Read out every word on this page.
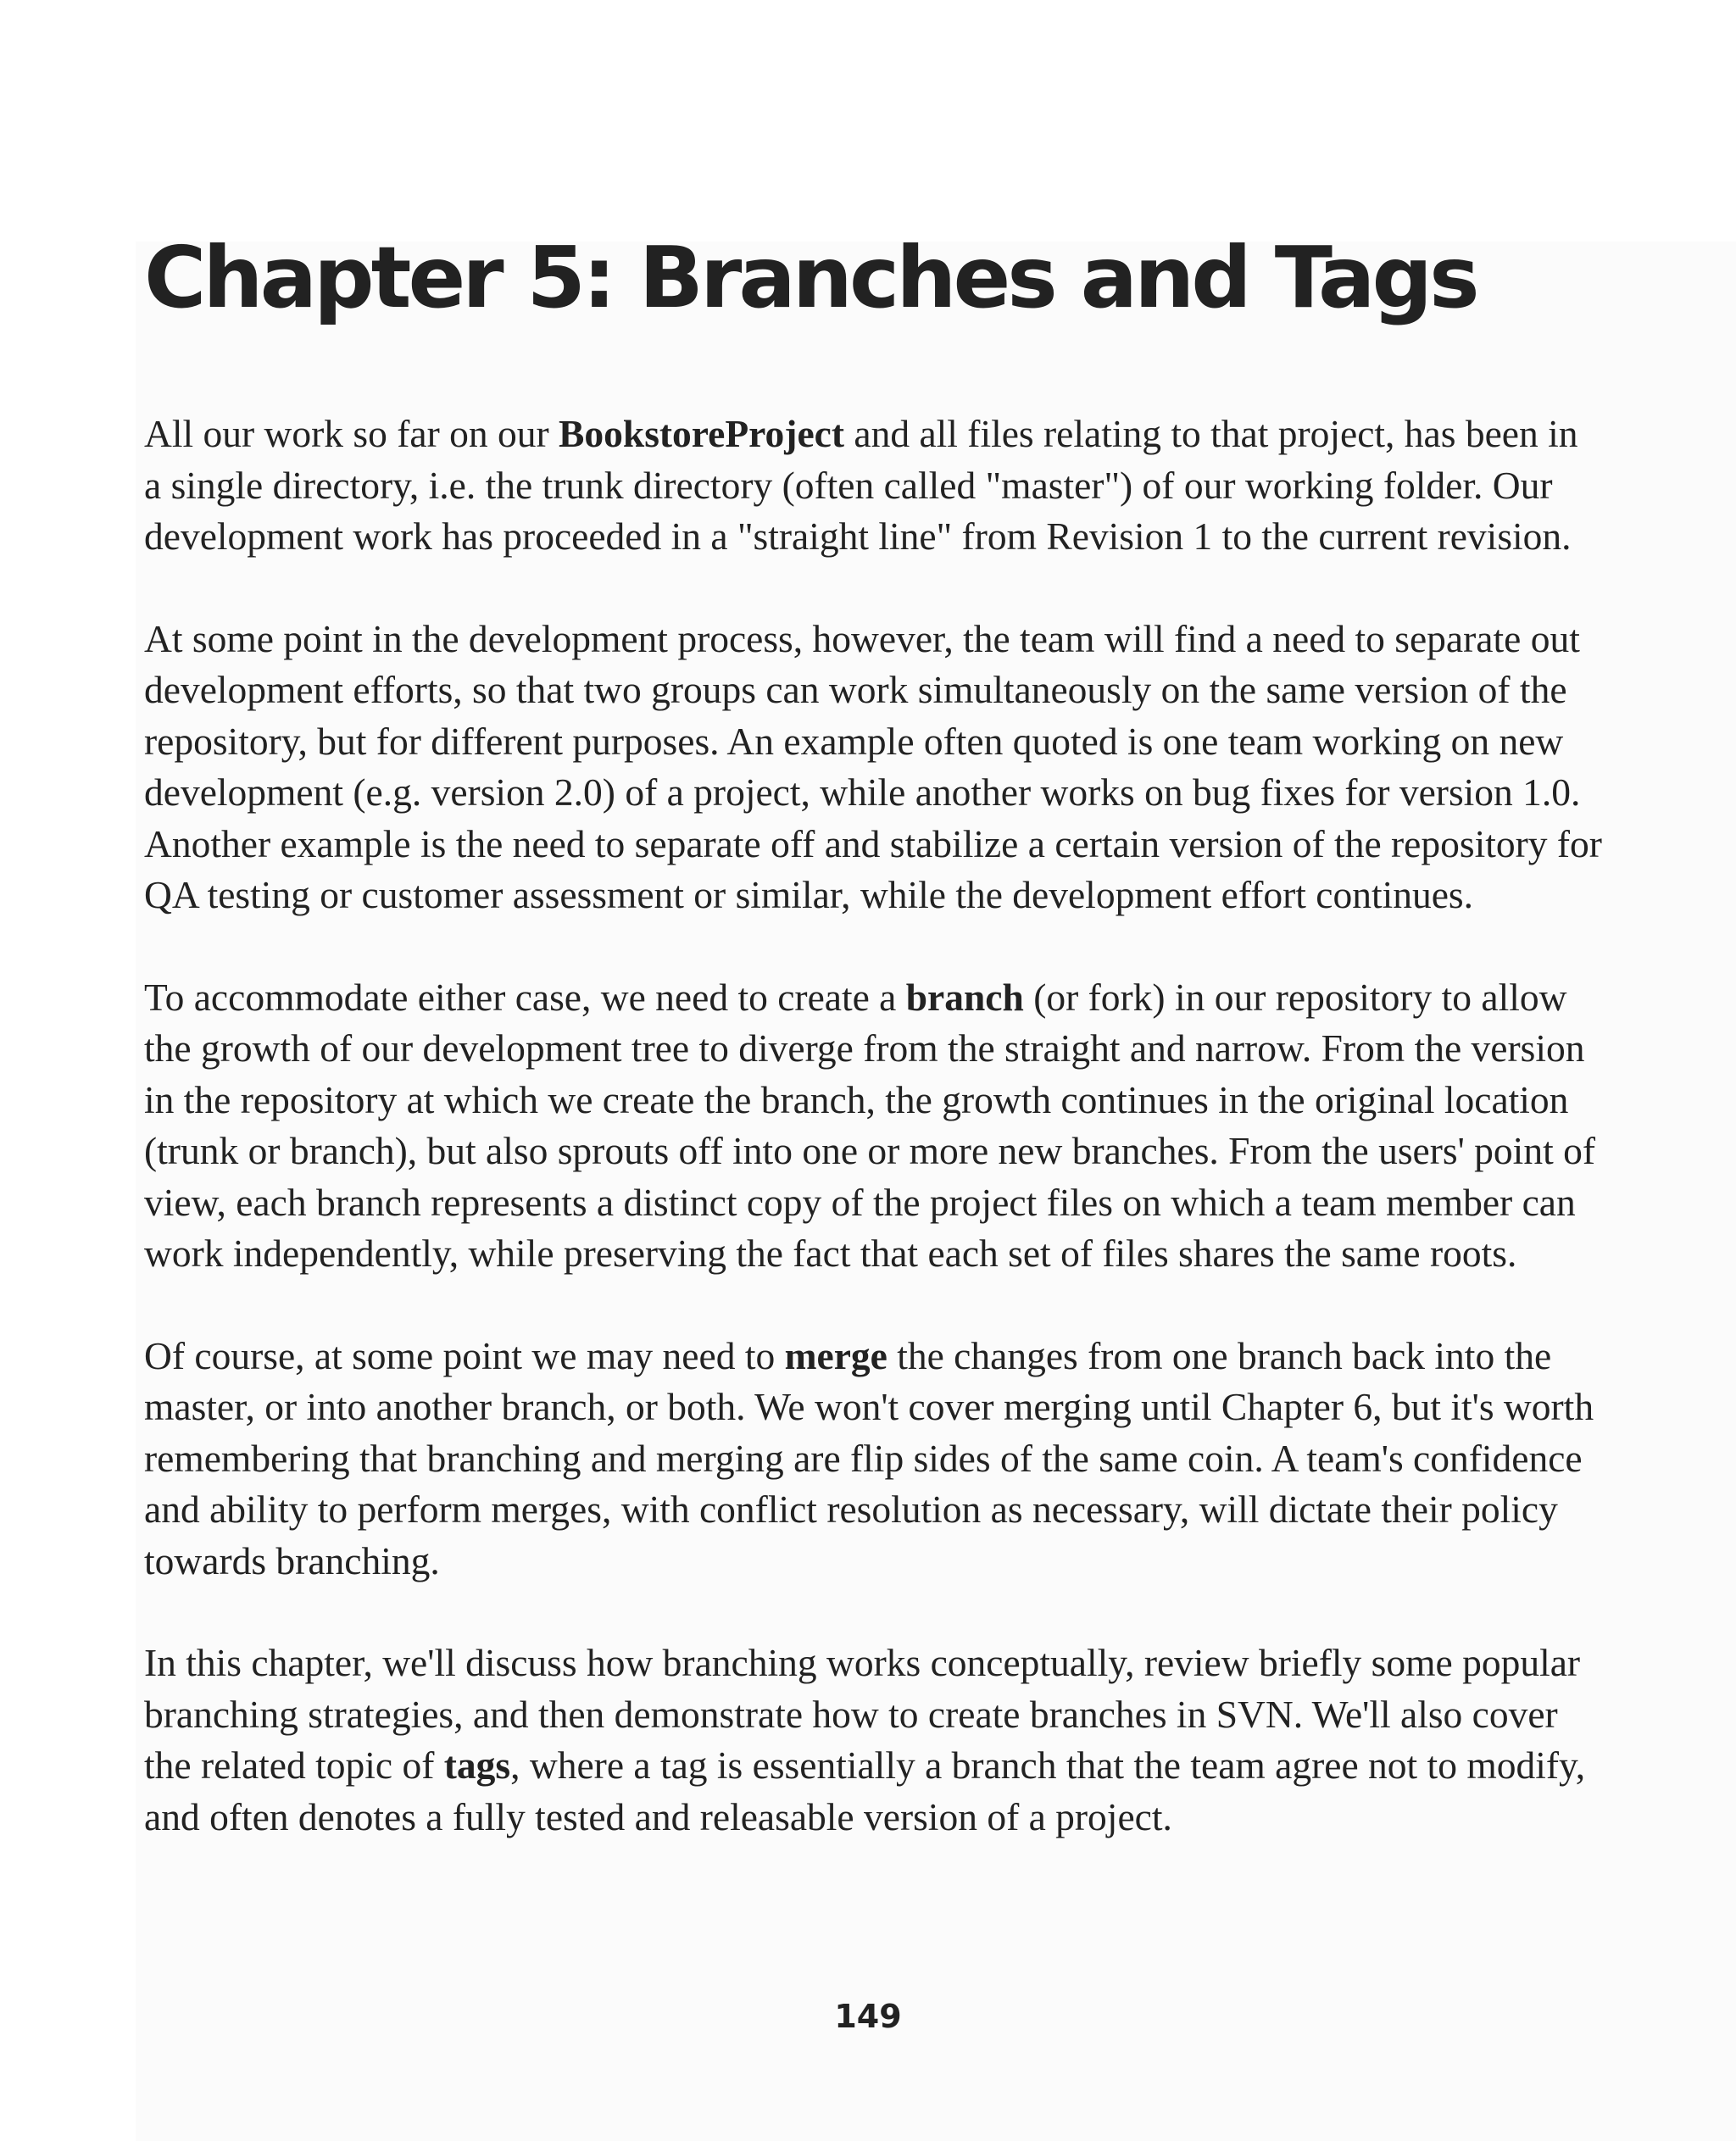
Chapter 5: Branches and Tags

All our work so far on our BookstoreProject and all files relating to that project, has been in a single directory, i.e. the trunk directory (often called "master") of our working folder. Our development work has proceeded in a "straight line" from Revision 1 to the current revision.

At some point in the development process, however, the team will find a need to separate out development efforts, so that two groups can work simultaneously on the same version of the repository, but for different purposes. An example often quoted is one team working on new development (e.g. version 2.0) of a project, while another works on bug fixes for version 1.0. Another example is the need to separate off and stabilize a certain version of the repository for QA testing or customer assessment or similar, while the development effort continues.

To accommodate either case, we need to create a branch (or fork) in our repository to allow the growth of our development tree to diverge from the straight and narrow. From the version in the repository at which we create the branch, the growth continues in the original location (trunk or branch), but also sprouts off into one or more new branches. From the users' point of view, each branch represents a distinct copy of the project files on which a team member can work independently, while preserving the fact that each set of files shares the same roots.

Of course, at some point we may need to merge the changes from one branch back into the master, or into another branch, or both. We won't cover merging until Chapter 6, but it's worth remembering that branching and merging are flip sides of the same coin. A team's confidence and ability to perform merges, with conflict resolution as necessary, will dictate their policy towards branching.

In this chapter, we'll discuss how branching works conceptually, review briefly some popular branching strategies, and then demonstrate how to create branches in SVN. We'll also cover the related topic of tags, where a tag is essentially a branch that the team agree not to modify, and often denotes a fully tested and releasable version of a project.

149
